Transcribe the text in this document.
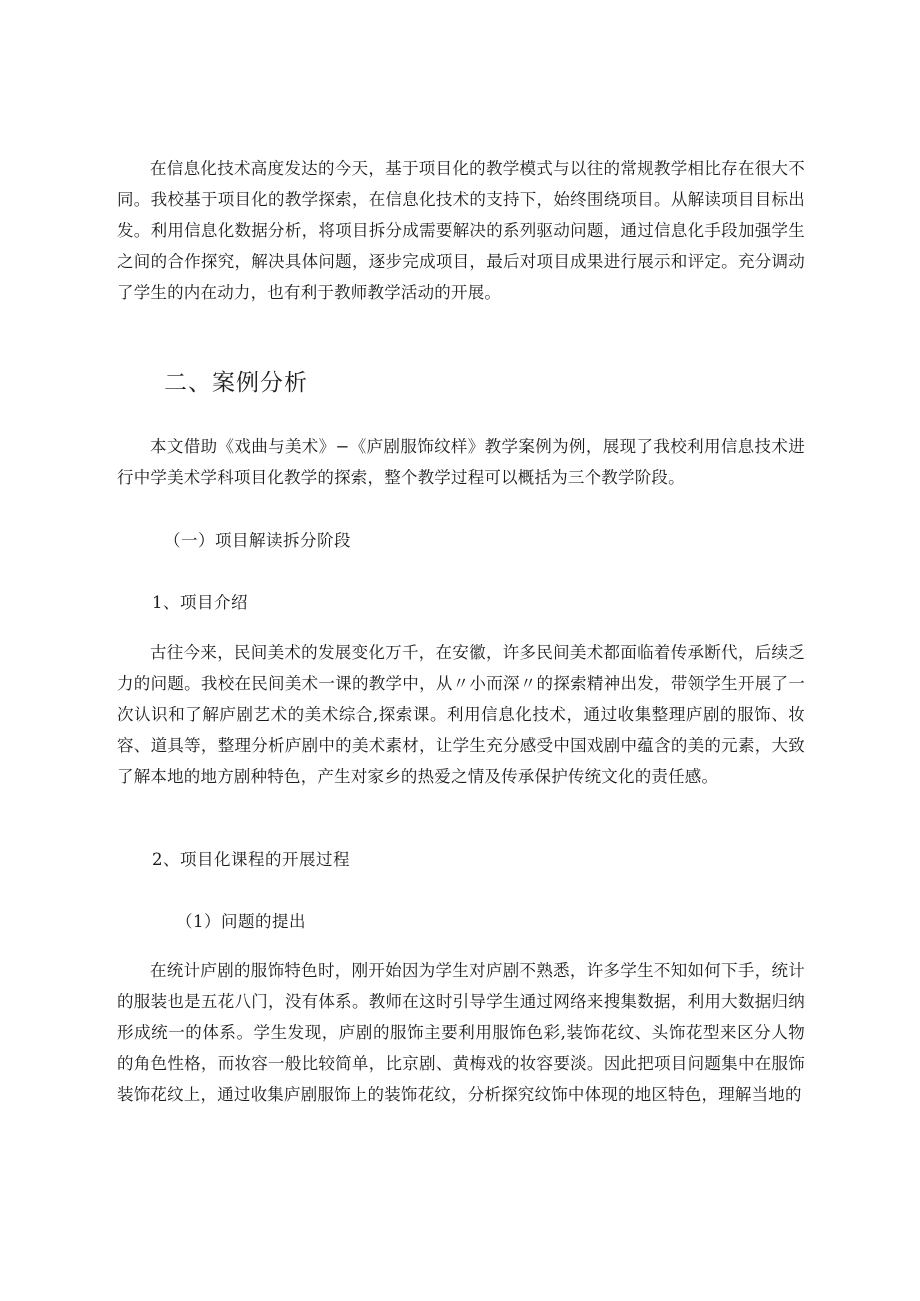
在信息化技术高度发达的今天，基于项目化的教学模式与以往的常规教学相比存在很大不同。我校基于项目化的教学探索，在信息化技术的支持下，始终围绕项目。从解读项目目标出发。利用信息化数据分析，将项目拆分成需要解决的系列驱动问题，通过信息化手段加强学生之间的合作探究，解决具体问题，逐步完成项目，最后对项目成果进行展示和评定。充分调动了学生的内在动力，也有利于教师教学活动的开展。

二、案例分析

本文借助《戏曲与美术》−《庐剧服饰纹样》教学案例为例，展现了我校利用信息技术进行中学美术学科项目化教学的探索，整个教学过程可以概括为三个教学阶段。

（一）项目解读拆分阶段
1、项目介绍

古往今来，民间美术的发展变化万千，在安徽，许多民间美术都面临着传承断代，后续乏力的问题。我校在民间美术一课的教学中，从〃小而深〃的探索精神出发，带领学生开展了一次认识和了解庐剧艺术的美术综合,探索课。利用信息化技术，通过收集整理庐剧的服饰、妆容、道具等，整理分析庐剧中的美术素材，让学生充分感受中国戏剧中蕴含的美的元素，大致了解本地的地方剧种特色，产生对家乡的热爱之情及传承保护传统文化的责任感。

2、项目化课程的开展过程
（1）问题的提出

在统计庐剧的服饰特色时，刚开始因为学生对庐剧不熟悉，许多学生不知如何下手，统计的服装也是五花八门，没有体系。教师在这时引导学生通过网络来搜集数据，利用大数据归纳形成统一的体系。学生发现，庐剧的服饰主要利用服饰色彩,装饰花纹、头饰花型来区分人物的角色性格，而妆容一般比较简单，比京剧、黄梅戏的妆容要淡。因此把项目问题集中在服饰装饰花纹上，通过收集庐剧服饰上的装饰花纹，分析探究纹饰中体现的地区特色，理解当地的
